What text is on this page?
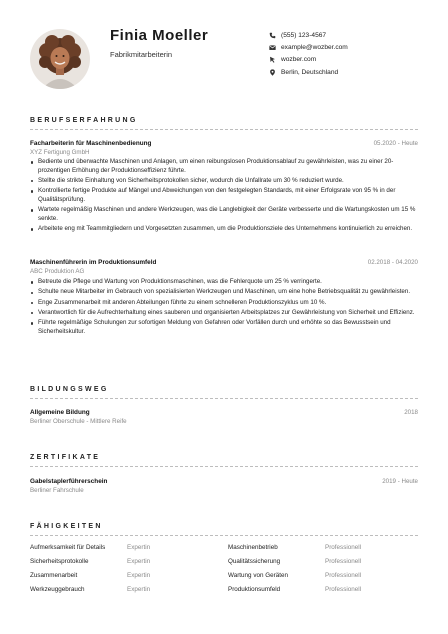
Finia Moeller
Fabrikmitarbeiterin
(555) 123-4567
example@wozber.com
wozber.com
Berlin, Deutschland
BERUFSERFAHRUNG
Facharbeiterin für Maschinenbedienung	05.2020 - Heute
XYZ Fertigung GmbH
Bediente und überwachte Maschinen und Anlagen, um einen reibungslosen Produktionsablauf zu gewährleisten, was zu einer 20-prozentigen Erhöhung der Produktionseffizienz führte.
Stellte die strikte Einhaltung von Sicherheitsprotokollen sicher, wodurch die Unfallrate um 30 % reduziert wurde.
Kontrollierte fertige Produkte auf Mängel und Abweichungen von den festgelegten Standards, mit einer Erfolgsrate von 95 % in der Qualitätsprüfung.
Wartete regelmäßig Maschinen und andere Werkzeugen, was die Langlebigkeit der Geräte verbesserte und die Wartungskosten um 15 % senkte.
Arbeitete eng mit Teammitgliedern und Vorgesetzten zusammen, um die Produktionsziele des Unternehmens kontinuierlich zu erreichen.
Maschinenführerin im Produktionsumfeld	02.2018 - 04.2020
ABC Produktion AG
Betreute die Pflege und Wartung von Produktionsmaschinen, was die Fehlerquote um 25 % verringerte.
Schulte neue Mitarbeiter im Gebrauch von spezialisierten Werkzeugen und Maschinen, um eine hohe Betriebsqualität zu gewährleisten.
Enge Zusammenarbeit mit anderen Abteilungen führte zu einem schnelleren Produktionszyklus um 10 %.
Verantwortlich für die Aufrechterhaltung eines sauberen und organisierten Arbeitsplatzes zur Gewährleistung von Sicherheit und Effizienz.
Führte regelmäßige Schulungen zur sofortigen Meldung von Gefahren oder Vorfällen durch und erhöhte so das Bewusstsein und Sicherheitskultur.
BILDUNGSWEG
Allgemeine Bildung	2018
Berliner Oberschule - Mittlere Reife
ZERTIFIKATE
Gabelstaplerführerschein	2019 - Heute
Berliner Fahrschule
FÄHIGKEITEN
Aufmerksamkeit für Details	Expertin	Maschinenbetrieb	Professionell
Sicherheitsprotokolle	Expertin	Qualitätssicherung	Professionell
Zusammenarbeit	Expertin	Wartung von Geräten	Professionell
Werkzeuggebrauch	Expertin	Produktionsumfeld	Professionell
